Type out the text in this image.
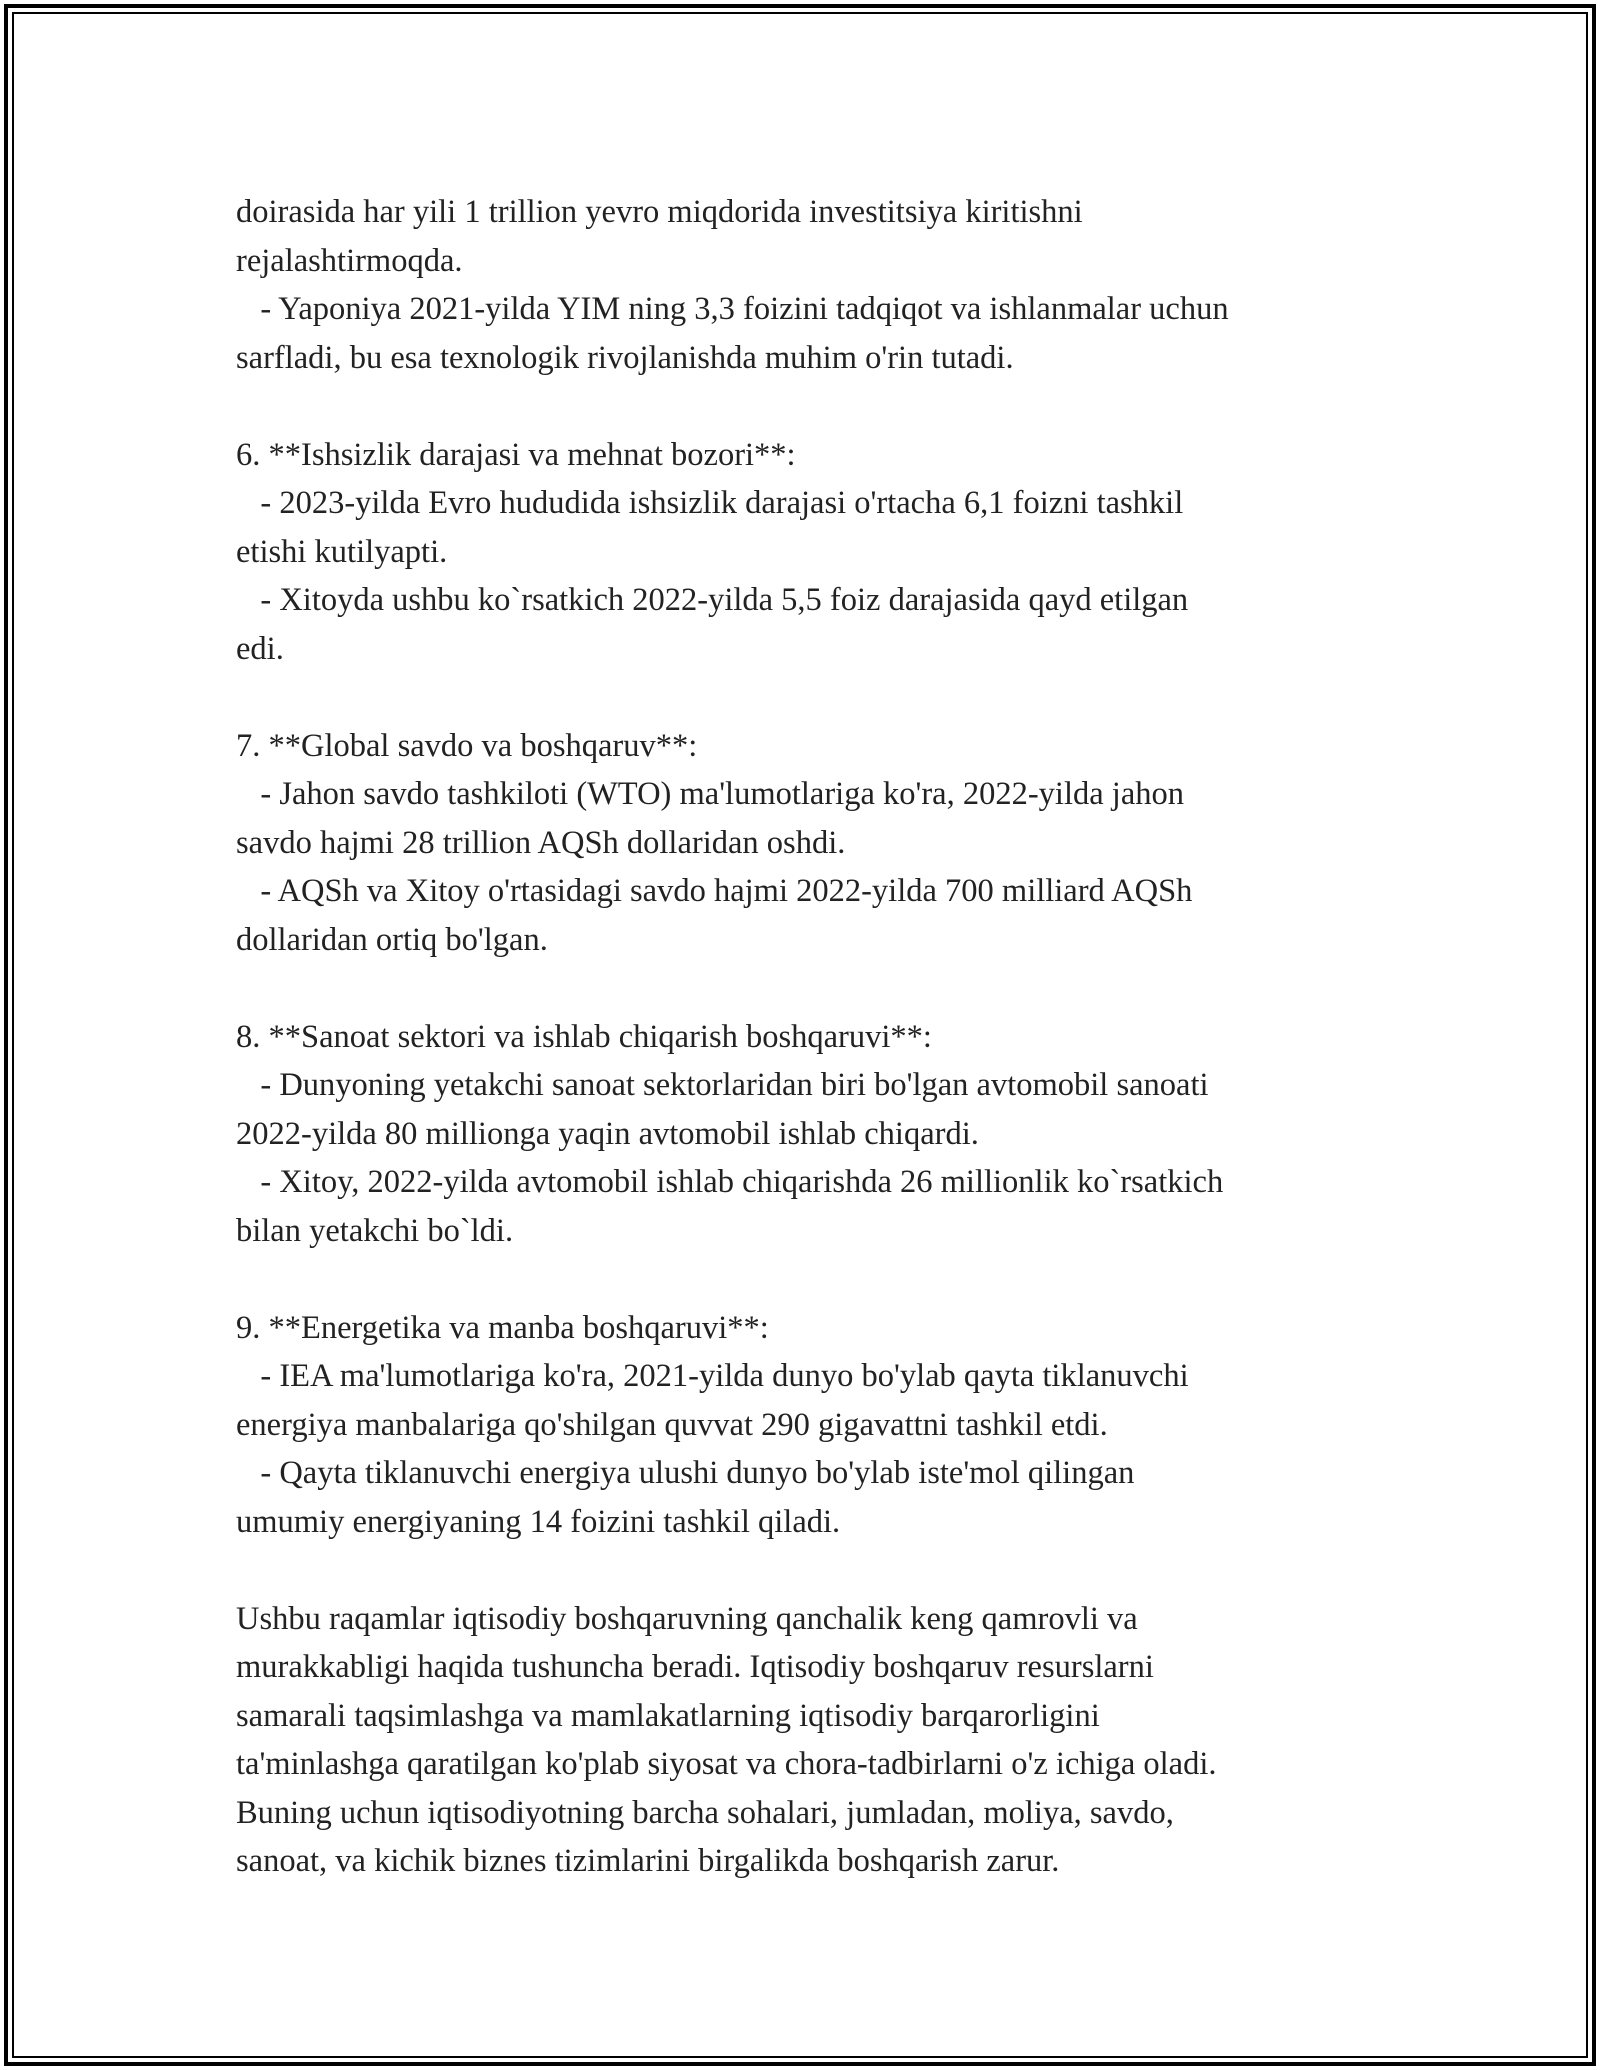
doirasida har yili 1 trillion yevro miqdorida investitsiya kiritishni
rejalashtirmoqda.
- Yaponiya 2021-yilda YIM ning 3,3 foizini tadqiqot va ishlanmalar uchun
sarfladi, bu esa texnologik rivojlanishda muhim o'rin tutadi.
6. **Ishsizlik darajasi va mehnat bozori**:
- 2023-yilda Evro hududida ishsizlik darajasi o'rtacha 6,1 foizni tashkil
etishi kutilyapti.
- Xitoyda ushbu ko`rsatkich 2022-yilda 5,5 foiz darajasida qayd etilgan
edi.
7. **Global savdo va boshqaruv**:
- Jahon savdo tashkiloti (WTO) ma'lumotlariga ko'ra, 2022-yilda jahon
savdo hajmi 28 trillion AQSh dollaridan oshdi.
- AQSh va Xitoy o'rtasidagi savdo hajmi 2022-yilda 700 milliard AQSh
dollaridan ortiq bo'lgan.
8. **Sanoat sektori va ishlab chiqarish boshqaruvi**:
- Dunyoning yetakchi sanoat sektorlaridan biri bo'lgan avtomobil sanoati
2022-yilda 80 millionga yaqin avtomobil ishlab chiqardi.
- Xitoy, 2022-yilda avtomobil ishlab chiqarishda 26 millionlik ko`rsatkich
bilan yetakchi bo`ldi.
9. **Energetika va manba boshqaruvi**:
- IEA ma'lumotlariga ko'ra, 2021-yilda dunyo bo'ylab qayta tiklanuvchi
energiya manbalariga qo'shilgan quvvat 290 gigavattni tashkil etdi.
- Qayta tiklanuvchi energiya ulushi dunyo bo'ylab iste'mol qilingan
umumiy energiyaning 14 foizini tashkil qiladi.
Ushbu raqamlar iqtisodiy boshqaruvning qanchalik keng qamrovli va
murakkabligi haqida tushuncha beradi. Iqtisodiy boshqaruv resurslarni
samarali taqsimlashga va mamlakatlarning iqtisodiy barqarorligini
ta'minlashga qaratilgan ko'plab siyosat va chora-tadbirlarni o'z ichiga oladi.
Buning uchun iqtisodiyotning barcha sohalari, jumladan, moliya, savdo,
sanoat, va kichik biznes tizimlarini birgalikda boshqarish zarur.
